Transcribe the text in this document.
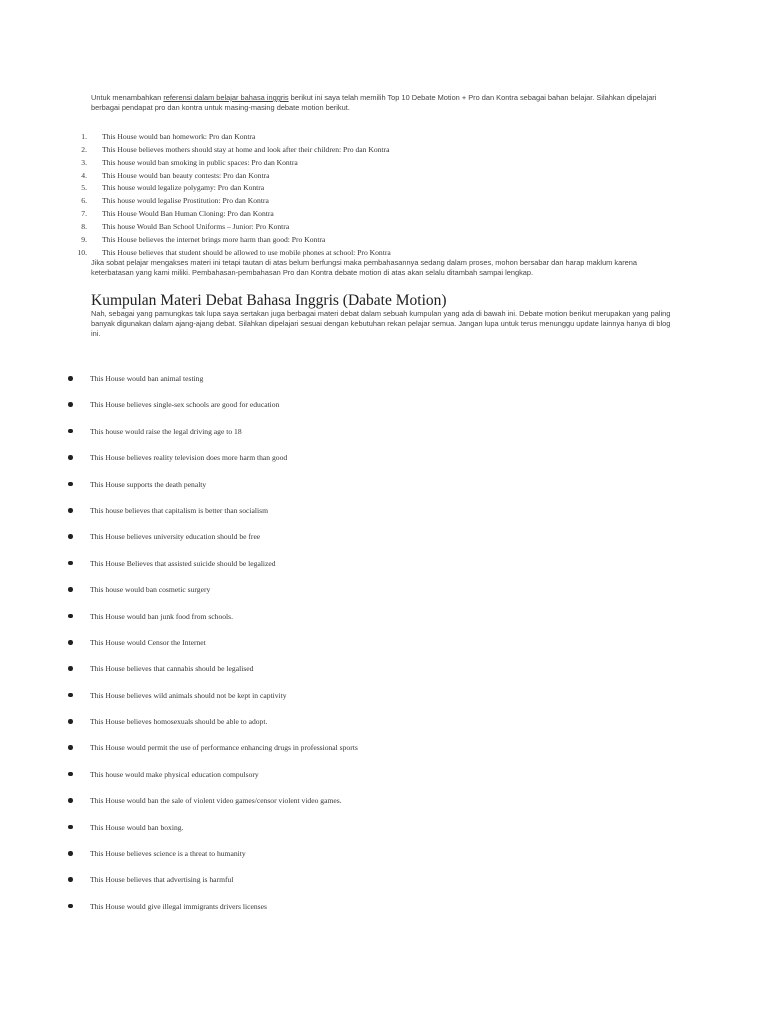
Untuk menambahkan referensi dalam belajar bahasa inggris berikut ini saya telah memilih Top 10 Debate Motion + Pro dan Kontra sebagai bahan belajar. Silahkan dipelajari berbagai pendapat pro dan kontra untuk masing-masing debate motion berikut.
1. This House would ban homework: Pro dan Kontra
2. This House believes mothers should stay at home and look after their children: Pro dan Kontra
3. This house would ban smoking in public spaces: Pro dan Kontra
4. This House would ban beauty contests: Pro dan Kontra
5. This house would legalize polygamy: Pro dan Kontra
6. This house would legalise Prostitution: Pro dan Kontra
7. This House Would Ban Human Cloning: Pro dan Kontra
8. This house Would Ban School Uniforms – Junior: Pro Kontra
9. This House believes the internet brings more harm than good: Pro Kontra
10. This House believes that student should be allowed to use mobile phones at school: Pro Kontra
Jika sobat pelajar mengakses materi ini tetapi tautan di atas belum berfungsi maka pembahasannya sedang dalam proses, mohon bersabar dan harap maklum karena keterbatasan yang kami miliki. Pembahasan-pembahasan Pro dan Kontra debate motion di atas akan selalu ditambah sampai lengkap.
Kumpulan Materi Debat Bahasa Inggris (Dabate Motion)
Nah, sebagai yang pamungkas tak lupa saya sertakan juga berbagai materi debat dalam sebuah kumpulan yang ada di bawah ini. Debate motion berikut merupakan yang paling banyak digunakan dalam ajang-ajang debat. Silahkan dipelajari sesuai dengan kebutuhan rekan pelajar semua. Jangan lupa untuk terus menunggu update lainnya hanya di blog ini.
This House would ban animal testing
This House believes single-sex schools are good for education
This house would raise the legal driving age to 18
This House believes reality television does more harm than good
This House supports the death penalty
This house believes that capitalism is better than socialism
This House believes university education should be free
This House Believes that assisted suicide should be legalized
This house would ban cosmetic surgery
This House would ban junk food from schools.
This House would Censor the Internet
This House believes that cannabis should be legalised
This House believes wild animals should not be kept in captivity
This House believes homosexuals should be able to adopt.
This House would permit the use of performance enhancing drugs in professional sports
This house would make physical education compulsory
This House would ban the sale of violent video games/censor violent video games.
This House would ban boxing.
This House believes science is a threat to humanity
This House believes that advertising is harmful
This House would give illegal immigrants drivers licenses
